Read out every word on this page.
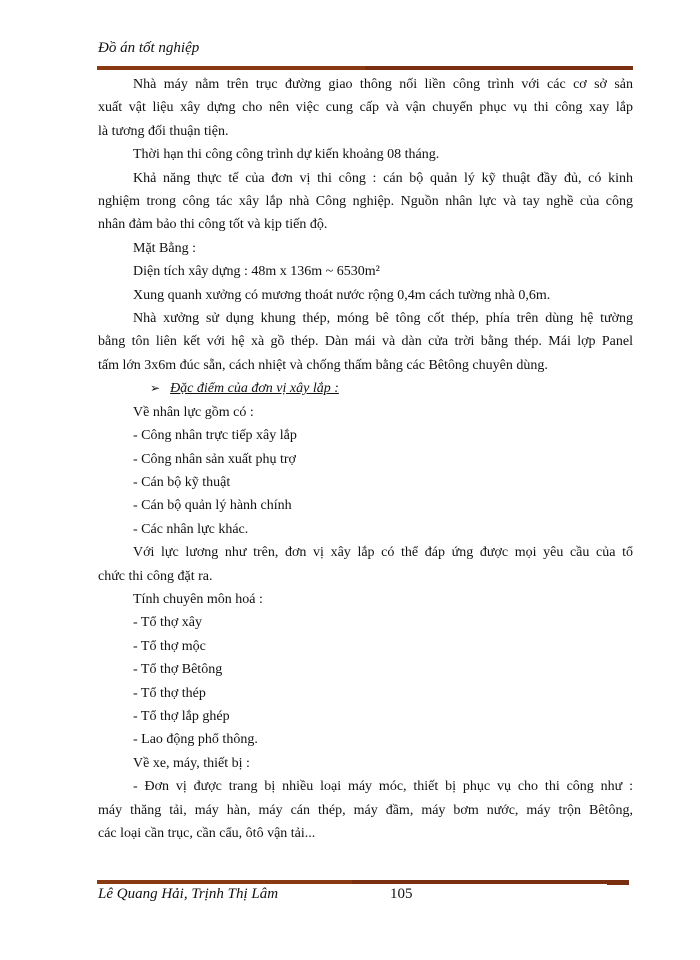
Đồ án tốt nghiệp
Nhà máy nằm trên trục đường giao thông nối liền công trình với các cơ sở sản
xuất vật liệu xây dựng cho nên việc cung cấp và vận chuyển phục vụ thi công xay lắp
là tương đối thuận tiện.
Thời hạn thi công công trình dự kiến khoảng 08 tháng.
Khả năng thực tế của đơn vị thi công : cán bộ quản lý kỹ thuật đầy đủ, có kinh
nghiệm trong công tác xây lắp nhà Công nghiệp. Nguồn nhân lực và tay nghề của công
nhân đảm bảo thi công tốt và kịp tiến độ.
Mặt Bằng :
Diện tích xây dựng : 48m x 136m ~ 6530m²
Xung quanh xưởng có mương thoát nước rộng 0,4m cách tường nhà 0,6m.
Nhà xưởng sử dụng khung thép, móng bê tông cốt thép, phía trên dùng hệ tường
bằng tôn liên kết với hệ xà gồ thép. Dàn mái và dàn cửa trời bằng thép. Mái lợp Panel
tấm lớn 3x6m đúc sẵn, cách nhiệt và chống thấm bằng các Bêtông chuyên dùng.
➢ Đặc điểm của đơn vị xây lắp :
Về nhân lực gồm có :
- Công nhân trực tiếp xây lắp
- Công nhân sản xuất phụ trợ
- Cán bộ kỹ thuật
- Cán bộ quản lý hành chính
- Các nhân lực khác.
Với lực lương như trên, đơn vị xây lắp có thể đáp ứng được mọi yêu cầu của tổ
chức thi công đặt ra.
Tính chuyên môn hoá :
- Tổ thợ xây
- Tổ thợ mộc
- Tổ thợ Bêtông
- Tổ thợ thép
- Tổ thợ lắp ghép
- Lao động phổ thông.
Về xe, máy, thiết bị :
- Đơn vị được trang bị nhiều loại máy móc, thiết bị phục vụ cho thi công như :
máy thăng tải, máy hàn, máy cán thép, máy đầm, máy bơm nước, máy trộn Bêtông,
các loại cần trục, cần cẩu, ôtô vận tải...
Lê Quang Hải, Trịnh Thị Lâm	105
